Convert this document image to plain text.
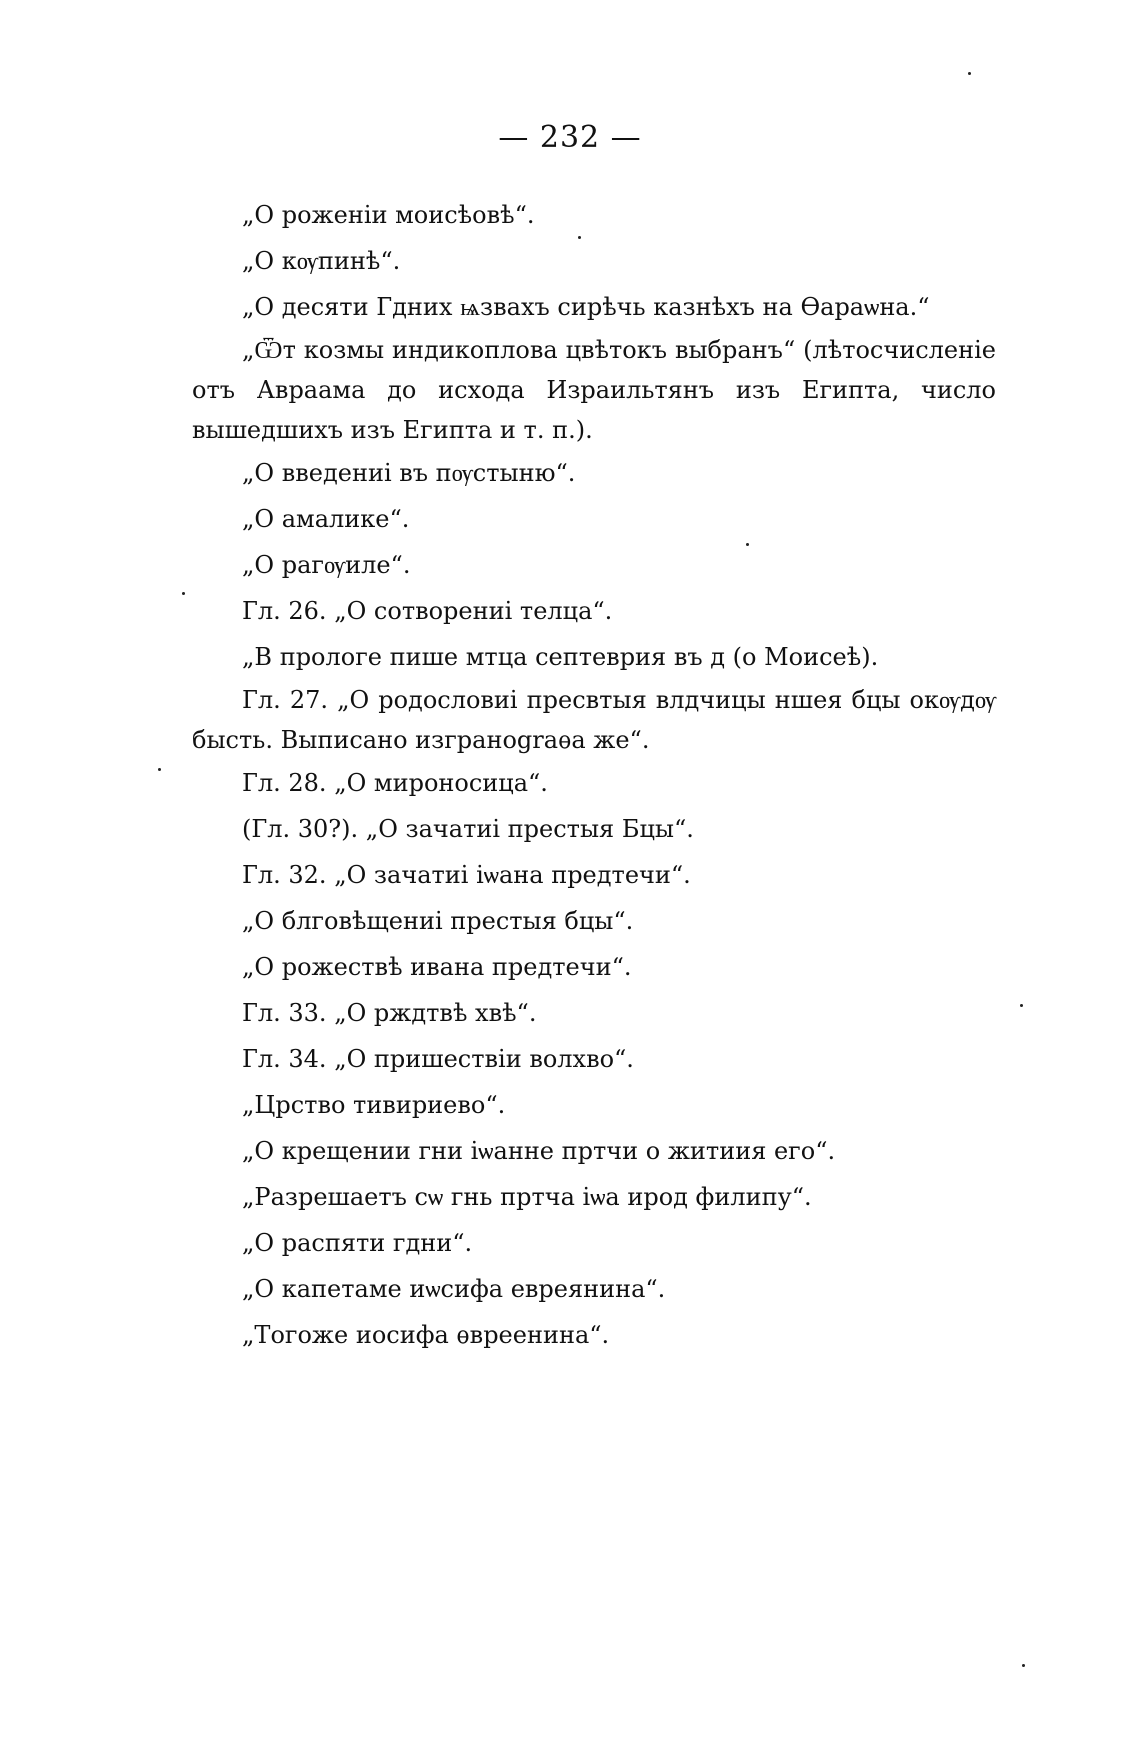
— 232 —

„О роженіи моисѣовѣ“.

„О кѹпинѣ“.

„О десяти Гдних ѩзвахъ сирѣчь казнѣхъ на Ѳараѡна.“

„Ѿт козмы индикоплова цвѣтокъ выбранъ“ (лѣтосчисленіе отъ Авраама до исхода Израильтянъ изъ Египта, число вышедшихъ изъ Египта и т. п.).

„О введениі въ пѹстыню“.

„О амалике“.

„О рагѹиле“.

Гл. 26. „О сотворениі телца“.

„В прологе пише мтца септеврия въ д (о Моисеѣ).

Гл. 27. „О родословиі пресвтыя влдчицы ншея бцы окѹдѹ бысть. Выписано изграноgraѳа же“.

Гл. 28. „О мироносица“.

(Гл. 30?). „О зачатиі престыя Бцы“.

Гл. 32. „О зачатиі іѡана предтечи“.

„О блговѣщениі престыя бцы“.

„О рожествѣ ивана предтечи“.

Гл. 33. „О рждтвѣ хвѣ“.

Гл. 34. „О пришествіи волхво“.

„Црство тивириево“.

„О крещении гни іѡанне пртчи о житиия его“.

„Разрешаетъ сѡ гнь пртча іѡа ирод филипу“.

„О распяти гдни“.

„О капетаме иѡсифа евреянина“.

„Тогоже иосифа ѳвреенина“.
